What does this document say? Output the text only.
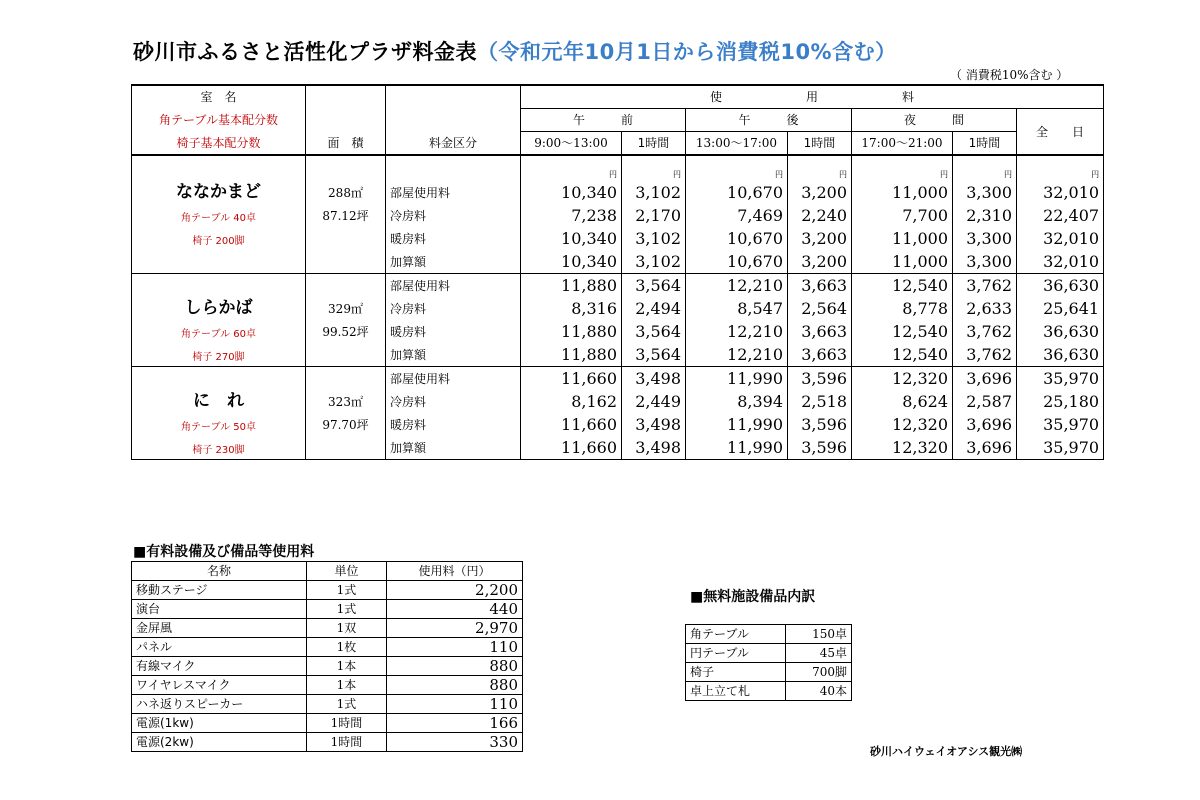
砂川市ふるさと活性化プラザ料金表（令和元年10月1日から消費税10%含む）
（ 消費税10%含む ）
室　名			使　　　　　　　用　　　　　　　料						
角テーブル基本配分数			午　　　前		午　　　後		夜　　　間		全　　日
椅子基本配分数	面　積	料金区分	9:00～13:00	1時間	13:00～17:00	1時間	17:00～21:00	1時間	
			円	円	円	円	円	円	円
ななかまど	288㎡	部屋使用料	10,340	3,102	10,670	3,200	11,000	3,300	32,010
角テーブル 40卓	87.12坪	冷房料	7,238	2,170	7,469	2,240	7,700	2,310	22,407
椅子 200脚		暖房料	10,340	3,102	10,670	3,200	11,000	3,300	32,010
		加算額	10,340	3,102	10,670	3,200	11,000	3,300	32,010
		部屋使用料	11,880	3,564	12,210	3,663	12,540	3,762	36,630
しらかば	329㎡	冷房料	8,316	2,494	8,547	2,564	8,778	2,633	25,641
角テーブル 60卓	99.52坪	暖房料	11,880	3,564	12,210	3,663	12,540	3,762	36,630
椅子 270脚		加算額	11,880	3,564	12,210	3,663	12,540	3,762	36,630
		部屋使用料	11,660	3,498	11,990	3,596	12,320	3,696	35,970
に　れ	323㎡	冷房料	8,162	2,449	8,394	2,518	8,624	2,587	25,180
角テーブル 50卓	97.70坪	暖房料	11,660	3,498	11,990	3,596	12,320	3,696	35,970
椅子 230脚		加算額	11,660	3,498	11,990	3,596	12,320	3,696	35,970
■有料設備及び備品等使用料
名称	単位	使用料（円）
移動ステージ	1式	2,200
演台	1式	440
金屏風	1双	2,970
パネル	1枚	110
有線マイク	1本	880
ワイヤレスマイク	1本	880
ハネ返りスピーカー	1式	110
電源(1kw)	1時間	166
電源(2kw)	1時間	330
■無料施設備品内訳
角テーブル	150卓
円テーブル	45卓
椅子	700脚
卓上立て札	40本
砂川ハイウェイオアシス観光㈱
